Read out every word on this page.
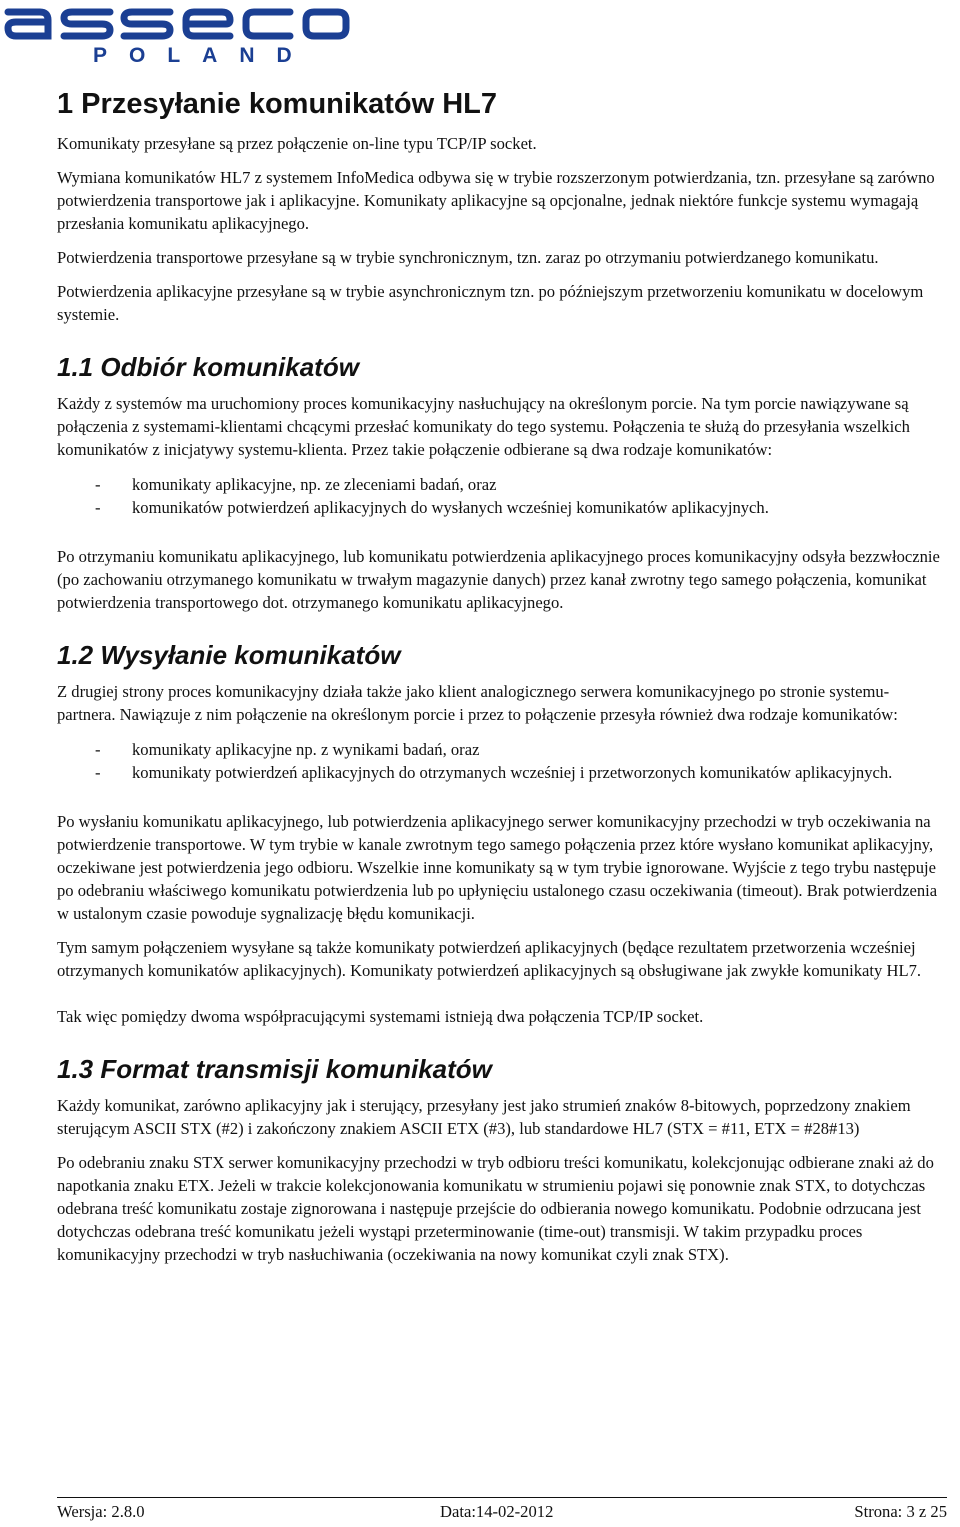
POLAND
1 Przesyłanie komunikatów HL7

Komunikaty przesyłane są przez połączenie on-line typu TCP/IP socket.

Wymiana komunikatów HL7 z systemem InfoMedica odbywa się w trybie rozszerzonym potwierdzania, tzn. przesyłane są zarówno potwierdzenia transportowe jak i aplikacyjne. Komunikaty aplikacyjne są opcjonalne, jednak niektóre funkcje systemu wymagają przesłania komunikatu aplikacyjnego.

Potwierdzenia transportowe przesyłane są w trybie synchronicznym, tzn. zaraz po otrzymaniu potwierdzanego komunikatu.

Potwierdzenia aplikacyjne przesyłane są w trybie asynchronicznym tzn. po późniejszym przetworzeniu komunikatu w docelowym systemie.

1.1 Odbiór komunikatów

Każdy z systemów ma uruchomiony proces komunikacyjny nasłuchujący na określonym porcie. Na tym porcie nawiązywane są połączenia z systemami-klientami chcącymi przesłać komunikaty do tego systemu. Połączenia te służą do przesyłania wszelkich komunikatów z inicjatywy systemu-klienta. Przez takie połączenie odbierane są dwa rodzaje komunikatów:

- komunikaty aplikacyjne, np. ze zleceniami badań, oraz
- komunikatów potwierdzeń aplikacyjnych do wysłanych wcześniej komunikatów aplikacyjnych.

Po otrzymaniu komunikatu aplikacyjnego, lub komunikatu potwierdzenia aplikacyjnego proces komunikacyjny odsyła bezzwłocznie (po zachowaniu otrzymanego komunikatu w trwałym magazynie danych) przez kanał zwrotny tego samego połączenia, komunikat potwierdzenia transportowego dot. otrzymanego komunikatu aplikacyjnego.

1.2 Wysyłanie komunikatów

Z drugiej strony proces komunikacyjny działa także jako klient analogicznego serwera komunikacyjnego po stronie systemu-partnera. Nawiązuje z nim połączenie na określonym porcie i przez to połączenie przesyła również dwa rodzaje komunikatów:

- komunikaty aplikacyjne np. z wynikami badań, oraz
- komunikaty potwierdzeń aplikacyjnych do otrzymanych wcześniej i przetworzonych komunikatów aplikacyjnych.

Po wysłaniu komunikatu aplikacyjnego, lub potwierdzenia aplikacyjnego serwer komunikacyjny przechodzi w tryb oczekiwania na potwierdzenie transportowe. W tym trybie w kanale zwrotnym tego samego połączenia przez które wysłano komunikat aplikacyjny, oczekiwane jest potwierdzenia jego odbioru. Wszelkie inne komunikaty są w tym trybie ignorowane. Wyjście z tego trybu następuje po odebraniu właściwego komunikatu potwierdzenia lub po upłynięciu ustalonego czasu oczekiwania (timeout). Brak potwierdzenia w ustalonym czasie powoduje sygnalizację błędu komunikacji.

Tym samym połączeniem wysyłane są także komunikaty potwierdzeń aplikacyjnych (będące rezultatem przetworzenia wcześniej otrzymanych komunikatów aplikacyjnych). Komunikaty potwierdzeń aplikacyjnych są obsługiwane jak zwykłe komunikaty HL7.

Tak więc pomiędzy dwoma współpracującymi systemami istnieją dwa połączenia TCP/IP socket.

1.3 Format transmisji komunikatów

Każdy komunikat, zarówno aplikacyjny jak i sterujący, przesyłany jest jako strumień znaków 8-bitowych, poprzedzony znakiem sterującym ASCII STX (#2) i zakończony znakiem ASCII ETX (#3), lub standardowe HL7 (STX = #11, ETX = #28#13)

Po odebraniu znaku STX serwer komunikacyjny przechodzi w tryb odbioru treści komunikatu, kolekcjonując odbierane znaki aż do napotkania znaku ETX. Jeżeli w trakcie kolekcjonowania komunikatu w strumieniu pojawi się ponownie znak STX, to dotychczas odebrana treść komunikatu zostaje zignorowana i następuje przejście do odbierania nowego komunikatu. Podobnie odrzucana jest dotychczas odebrana treść komunikatu jeżeli wystąpi przeterminowanie (time-out) transmisji. W takim przypadku proces komunikacyjny przechodzi w tryb nasłuchiwania (oczekiwania na nowy komunikat czyli znak STX).

Wersja: 2.8.0	Data:14-02-2012	Strona: 3 z 25
